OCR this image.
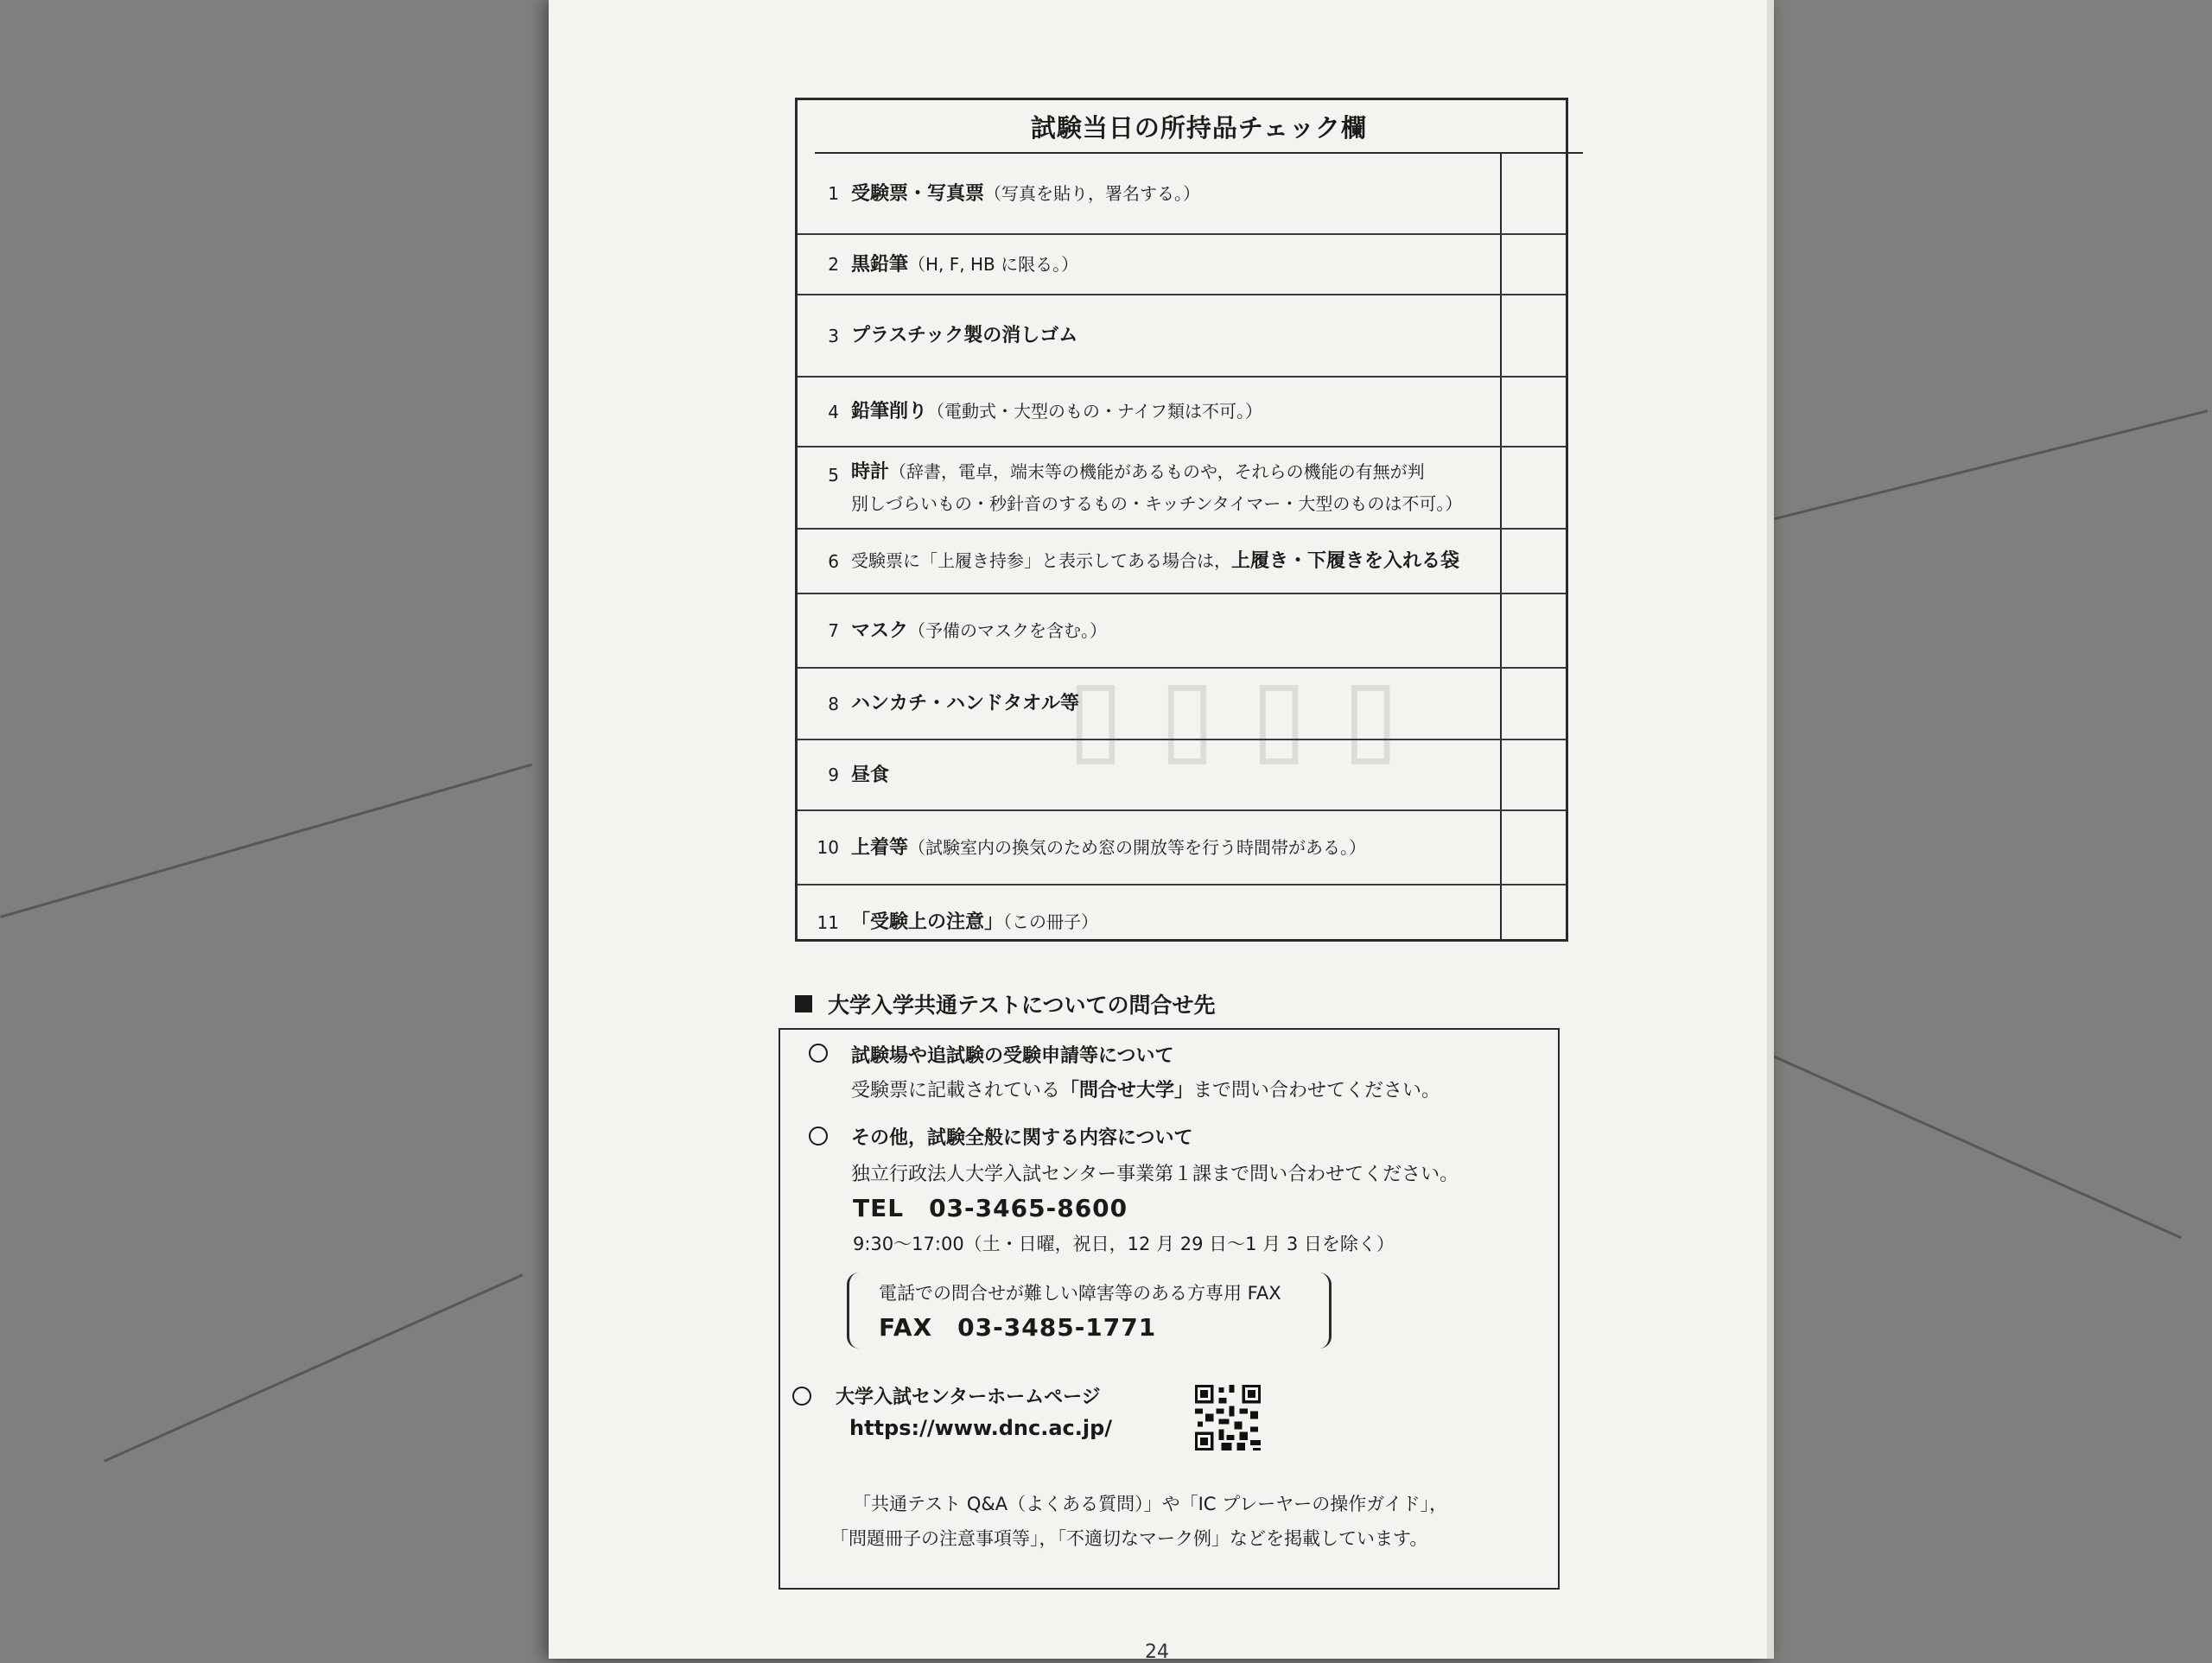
▯▯▯▯
試験当日の所持品チェック欄
1 受験票・写真票（写真を貼り，署名する。）
2 黒鉛筆（H, F, HB に限る。）
3 プラスチック製の消しゴム
4 鉛筆削り（電動式・大型のもの・ナイフ類は不可。）
5 時計（辞書，電卓，端末等の機能があるものや，それらの機能の有無が判
別しづらいもの・秒針音のするもの・キッチンタイマー・大型のものは不可。）
6 受験票に「上履き持参」と表示してある場合は，上履き・下履きを入れる袋
7 マスク（予備のマスクを含む。）
8 ハンカチ・ハンドタオル等
9 昼食
10 上着等（試験室内の換気のため窓の開放等を行う時間帯がある。）
11 「受験上の注意」（この冊子）
大学入学共通テストについての問合せ先
試験場や追試験の受験申請等について
受験票に記載されている「問合せ大学」まで問い合わせてください。
その他，試験全般に関する内容について
独立行政法人大学入試センター事業第１課まで問い合わせてください。
TEL　03-3465-8600
9:30〜17:00（土・日曜，祝日，12 月 29 日〜1 月 3 日を除く）
電話での問合せが難しい障害等のある方専用 FAX
FAX　03-3485-1771
大学入試センターホームページ
https://www.dnc.ac.jp/
「共通テスト Q&A（よくある質問）」や「IC プレーヤーの操作ガイド」，
「問題冊子の注意事項等」，「不適切なマーク例」などを掲載しています。
24
